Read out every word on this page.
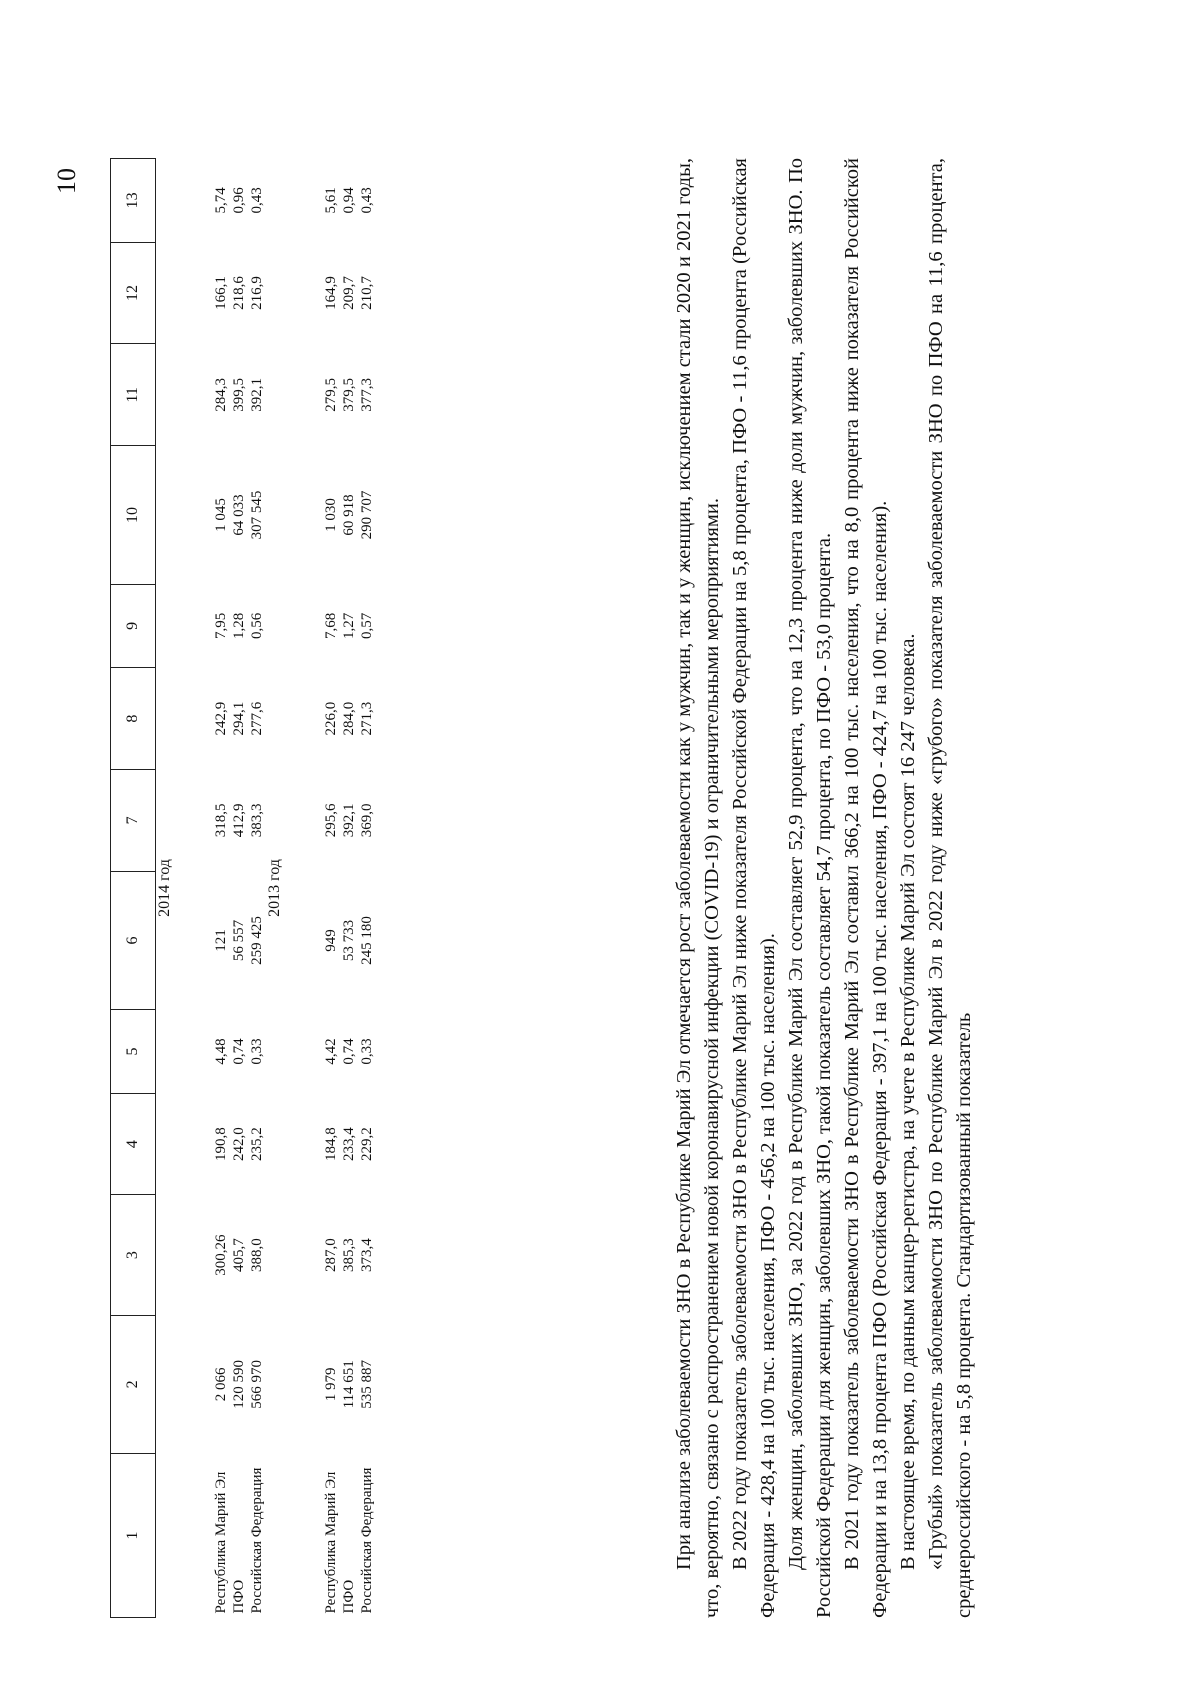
10
1	2	3	4	5	6	7	8	9	10	11	12	13
2014 год												
Республика Марий Эл	2 066	300,26	190,8	4,48	121	318,5	242,9	7,95	1 045	284,3	166,1	5,74
ПФО	120 590	405,7	242,0	0,74	56 557	412,9	294,1	1,28	64 033	399,5	218,6	0,96
Российская Федерация	566 970	388,0	235,2	0,33	259 425	383,3	277,6	0,56	307 545	392,1	216,9	0,43
2013 год												
Республика Марий Эл	1 979	287,0	184,8	4,42	949	295,6	226,0	7,68	1 030	279,5	164,9	5,61
ПФО	114 651	385,3	233,4	0,74	53 733	392,1	284,0	1,27	60 918	379,5	209,7	0,94
Российская Федерация	535 887	373,4	229,2	0,33	245 180	369,0	271,3	0,57	290 707	377,3	210,7	0,43	При анализе заболеваемости ЗНО в Республике Марий Эл отмечается рост заболеваемости как у мужчин, так и у женщин, исключением стали 2020 и 2021 годы, что, вероятно, связано с распространением новой коронавирусной инфекции (COVID-19) и ограничительными мероприятиями. В 2022 году показатель заболеваемости ЗНО в Республике Марий Эл ниже показателя Российской Федерации на 5,8 процента, ПФО - 11,6 процента (Российская Федерация - 428,4 на 100 тыс. населения, ПФО - 456,2 на 100 тыс. населения). Доля женщин, заболевших ЗНО, за 2022 год в Республике Марий Эл составляет 52,9 процента, что на 12,3 процента ниже доли мужчин, заболевших ЗНО. По Российской Федерации для женщин, заболевших ЗНО, такой показатель составляет 54,7 процента, по ПФО - 53,0 процента. В 2021 году показатель заболеваемости ЗНО в Республике Марий Эл составил 366,2 на 100 тыс. населения, что на 8,0 процента ниже показателя Российской Федерации и на 13,8 процента ПФО (Российская Федерация - 397,1 на 100 тыс. населения, ПФО - 424,7 на 100 тыс. населения). В настоящее время, по данным канцер-регистра, на учете в Республике Марий Эл состоят 16 247 человека. «Грубый» показатель заболеваемости ЗНО по Республике Марий Эл в 2022 году ниже «грубого» показателя заболеваемости ЗНО по ПФО на 11,6 процента, среднероссийского - на 5,8 процента. Стандартизованный показатель
